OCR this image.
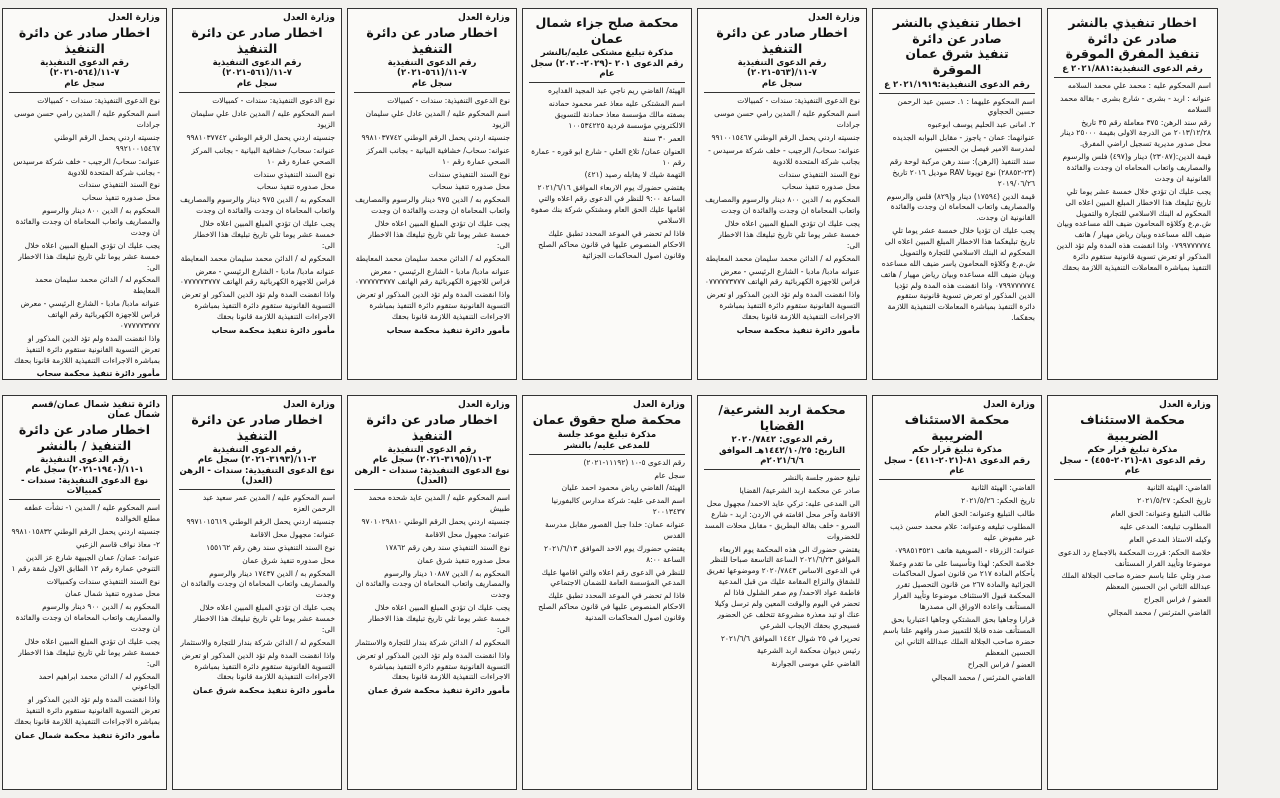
اخطار تنفيذي بالنشر صادر عن دائرة
تنفيذ المفرق الموقرة
رقم الدعوى التنفيذية:٢٠٢١/٨٨١ ع

اسم المحكوم عليه : محمد علي محمد السلامه

عنوانه : اربد - بشرى - شارع بشرى - بقالة محمد السلامه

رقم سند الرهن: ٣٧٥ معاملة رقم ٣٥ تاريخ ٢٠١٣/١٢/٢٨ من الدرجة الاولى بقيمة ٢٥٠٠٠ دينار محل صدور مديرية تسجيل اراضي المفرق.

قيمة الدين:(٢٣٠٨٧) دينار و(٤٩٧) فلس والرسوم والمصاريف واتعاب المحاماه ان وجدت والفائدة القانونية ان وجدت

يجب عليك ان تؤدي خلال خمسة عشر يوما تلي تاريخ تبليغك هذا الاخطار المبلغ المبين اعلاه الى المحكوم له البنك الاسلامي للتجارة والتمويل ش.م.ع وكلاؤه المحامون ضيف الله مساعده وبيان ضيف الله مساعده وبيان رياض مهيار / هاتف ٠٧٩٩٧٧٧٧٧٤ واذا انقضت هذه المدة ولم تؤد الدين المذكور او تعرض تسوية قانونية ستقوم دائرة التنفيذ بمباشرة المعاملات التنفيذية اللازمة بحقك

اخطار تنفيذي بالنشر صادر عن دائرة
تنفيذ شرق عمان الموقرة
رقم الدعوى التنفيذية:٢٠٢١/١٩١٩ ع

اسم المحكوم عليهما : ١. حسين عبد الرحمن حسين الحجاوي

٢. امانى عبد الحليم يوسف ابوعبوه

عنوانهما: عمان - ياجوز - مقابل البوابه الجديده لمدرسة الامير فيصل بن الحسين

سند التنفيذ (الرهن): سند رهن مركبة لوحة رقم (٢٣-٢٨٨٥٢) نوع تويوتا RAV موديل ٢٠١٦ تاريخ ٢٠١٩/٠٦/٢٦

قيمة الدين (١٧٥٩٤) دينار و(٨٢٩) فلس والرسوم والمصاريف واتعاب المحاماة ان وجدت والفائدة القانونية ان وجدت.

يجب عليك ان تؤديا خلال خمسة عشر يوما تلي تاريخ تبليغكما هذا الاخطار المبلغ المبين اعلاه الى المحكوم له البنك الاسلامي للتجارة والتمويل ش.م.ع وكلاؤه المحامون ياسر ضيف الله مساعده وبيان ضيف الله مساعده وبيان رياض مهيار / هاتف ٠٧٩٩٧٧٧٧٧٤ واذا انقضت هذه المدة ولم تؤديا الدين المذكور او تعرض تسوية قانونية ستقوم دائرة التنفيذ بمباشرة المعاملات التنفيذية اللازمة بحقكما.

وزارة العدل
اخطار صادر عن دائرة التنفيذ
رقم الدعوى التنفيذية ٧-١١/(٥٦٣-٢٠٢١)
سجل عام

نوع الدعوى التنفيذية: سندات - كمبيالات

اسم المحكوم عليه / المدين رامي حسن موسى جرادات

جنسيته اردني يحمل الرقم الوطني ٩٩١٠٠١٥٤٦٧

عنوانه: سحاب/ الرجيب - خلف شركة مرسيدس - بجانب شركة المتحدة للادوية

نوع السند التنفيذي سندات

محل صدوره تنفيذ سحاب

المحكوم به / الدين ٨٠٠ دينار والرسوم والمصاريف واتعاب المحاماة ان وجدت والفائدة ان وجدت

يجب عليك ان تؤدي المبلغ المبين اعلاه خلال خمسة عشر يوما تلي تاريخ تبليغك هذا الاخطار الى:

المحكوم له / الدائن محمد سليمان محمد المعايطة

عنوانه مادبا/ مادبا - الشارع الرئيسي - معرض فراس للاجهزة الكهربائية رقم الهاتف ٠٧٧٧٧٧٣٧٧٧

واذا انقضت المدة ولم تؤد الدين المذكور او تعرض التسوية القانونية ستقوم دائرة التنفيذ بمباشرة الاجراءات التنفيذية اللازمة قانونا بحقك

مأمور دائرة تنفيذ محكمة سحاب
محكمة صلح جزاء شمال عمان
مذكرة تبليغ مشتكى عليه/بالنشر
رقم الدعوى ٢٠١ -(٢٠٢٩-٢٠٢٠) سجل عام

الهيئة/ القاضي ريم ناجي عبد المجيد القدايره

اسم المشتكى عليه معاذ عمر محمود حمادنه بصفته مالك مؤسسة معاذ حمادنة للتسويق الالكتروني مؤسسة فردية ١٠٠٥٣٤٢٢٥

العمر ٣٠ سنة

العنوان عمان/ تلاع العلي - شارع ابو قوره - عمارة رقم ١٠

التهمة شيك لا يقابله رصيد (٤٢١)

يقتضي حضورك يوم الاربعاء الموافق ٢٠٢١/٦/١٦ الساعة ٩:٠٠ للنظر في الدعوى رقم اعلاه والتي اقامها عليك الحق العام ومشتكي شركة بنك صفوة الاسلامي

فاذا لم تحضر في الموعد المحدد تطبق عليك الاحكام المنصوص عليها في قانون محاكم الصلح وقانون اصول المحاكمات الجزائية

وزارة العدل
اخطار صادر عن دائرة التنفيذ
رقم الدعوى التنفيذية ٧-١١/(٥٦١-٢٠٢١)
سجل عام

نوع الدعوى التنفيذية: سندات - كمبيالات

اسم المحكوم عليه / المدين عادل علي سليمان الزيود

جنسيته اردني يحمل الرقم الوطني ٩٩٨١٠٣٧٧٤٢

عنوانه: سحاب/ خشافية البيانية - بجانب المركز الصحي عمارة رقم ١٠

نوع السند التنفيذي سندات

محل صدوره تنفيذ سحاب

المحكوم به / الدين ٩٧٥ دينار والرسوم والمصاريف واتعاب المحاماة ان وجدت والفائدة ان وجدت

يجب عليك ان تؤدي المبلغ المبين اعلاه خلال خمسة عشر يوما تلي تاريخ تبليغك هذا الاخطار الى:

المحكوم له / الدائن محمد سليمان محمد المعايطة

عنوانه مادبا/ مادبا - الشارع الرئيسي - معرض فراس للاجهزة الكهربائية رقم الهاتف ٠٧٧٧٧٧٣٧٧٧

واذا انقضت المدة ولم تؤد الدين المذكور او تعرض التسوية القانونية ستقوم دائرة التنفيذ بمباشرة الاجراءات التنفيذية اللازمة قانونا بحقك

مأمور دائرة تنفيذ محكمة سحاب
وزارة العدل
اخطار صادر عن دائرة التنفيذ
رقم الدعوى التنفيذية ٧-١١/(٥٦١-٢٠٢١)
سجل عام

نوع الدعوى التنفيذية: سندات - كمبيالات

اسم المحكوم عليه / المدين عادل علي سليمان الزيود

جنسيته اردني يحمل الرقم الوطني ٩٩٨١٠٣٧٧٤٢

عنوانه: سحاب/ خشافية البيانية - بجانب المركز الصحي عمارة رقم ١٠

نوع السند التنفيذي سندات

محل صدوره تنفيذ سحاب

المحكوم به / الدين ٩٧٥ دينار والرسوم والمصاريف واتعاب المحاماة ان وجدت والفائدة ان وجدت

يجب عليك ان تؤدي المبلغ المبين اعلاه خلال خمسة عشر يوما تلي تاريخ تبليغك هذا الاخطار الى:

المحكوم له / الدائن محمد سليمان محمد المعايطة

عنوانه مادبا/ مادبا - الشارع الرئيسي - معرض فراس للاجهزة الكهربائية رقم الهاتف ٠٧٧٧٧٧٣٧٧٧

واذا انقضت المدة ولم تؤد الدين المذكور او تعرض التسوية القانونية ستقوم دائرة التنفيذ بمباشرة الاجراءات التنفيذية اللازمة قانونا بحقك

مأمور دائرة تنفيذ محكمة سحاب
وزارة العدل
اخطار صادر عن دائرة التنفيذ
رقم الدعوى التنفيذية ٧-١١/(٥٦٤-٢٠٢١)
سجل عام

نوع الدعوى التنفيذية: سندات - كمبيالات

اسم المحكوم عليه / المدين رامي حسن موسى جرادات

جنسيته اردني يحمل الرقم الوطني ٩٩٢١٠٠١٥٤٦٧

عنوانه: سحاب/ الرجيب - خلف شركة مرسيدس - بجانب شركة المتحدة للادوية

نوع السند التنفيذي سندات

محل صدوره تنفيذ سحاب

المحكوم به / الدين ٨٠٠ دينار والرسوم والمصاريف واتعاب المحاماة ان وجدت والفائدة ان وجدت

يجب عليك ان تؤدي المبلغ المبين اعلاه خلال خمسة عشر يوما تلي تاريخ تبليغك هذا الاخطار الى:

المحكوم له / الدائن محمد سليمان محمد المعايطة

عنوانه مادبا/ مادبا - الشارع الرئيسي - معرض فراس للاجهزة الكهربائية رقم الهاتف ٠٧٧٧٧٧٣٧٧٧

واذا انقضت المدة ولم تؤد الدين المذكور او تعرض التسوية القانونية ستقوم دائرة التنفيذ بمباشرة الاجراءات التنفيذية اللازمة قانونا بحقك

مأمور دائرة تنفيذ محكمة سحاب
وزارة العدل
محكمة الاستئناف الضريبية
مذكرة تبليغ قرار حكم
رقم الدعوى ٨١-(٢٠٢١-٤٥٥) - سجل عام

القاضي: الهيئة الثانية

تاريخ الحكم: ٢٠٢١/٥/٢٧

طالب التبليغ وعنوانه: الحق العام

المطلوب تبليغه: المدعى عليه

وكيله الاستاذ المدعي العام

خلاصة الحكم: قررت المحكمة بالاجماع رد الدعوى موضوعا وتأييد القرار المستأنف

صدر وتلي علنا باسم حضرة صاحب الجلالة الملك عبدالله الثاني ابن الحسين المعظم

العضو / فراس الجراح

القاضي المترئس / محمد المجالي

وزارة العدل
محكمة الاستئناف الضريبية
مذكرة تبليغ قرار حكم
رقم الدعوى ٨١-(٢٠٢١-٤١١) - سجل عام

القاضي: الهيئة الثانية

تاريخ الحكم: ٢٠٢١/٥/٢٦

طالب التبليغ وعنوانه: الحق العام

المطلوب تبليغه وعنوانه: علام محمد حسن ذيب غير مقبوض عليه

عنوانه: الزرقاء - الصويفية هاتف ٠٧٩٨٥١٣٥٢١

خلاصة الحكم: لهذا وتأسيسا على ما تقدم وعملا بأحكام المادة ٢١٧ من قانون اصول المحاكمات الجزائية والمادة ٢٦٧ من قانون التحصيل تقرر المحكمة قبول الاستئناف موضوعا وتأييد القرار المستأنف واعادة الاوراق الى مصدرها

قرارا وجاهيا بحق المشتكي وجاهيا اعتباريا بحق المستأنف ضده قابلا للتمييز صدر وافهم علنا باسم حضرة صاحب الجلالة الملك عبدالله الثاني ابن الحسين المعظم

العضو / فراس الجراح

القاضي المترئس / محمد المجالي

محكمة اربد الشرعية/ القضايا
رقم الدعوى: ٢٠٢٠/٧٨٤٢
التاريخ: ١٤٤٢/١٠/٢٥هـ الموافق ٢٠٢١/٦/٦م

تبليغ حضور جلسة بالنشر

صادر عن محكمة اربد الشرعية/ القضايا

الى المدعى عليه: تركي عايد الاحمد/ مجهول محل الاقامة وآخر محل اقامته في الاردن: اربد - شارع السرو - خلف بقالة البطريق - مقابل محلات المسد للخضروات

يقتضي حضورك الى هذه المحكمة يوم الاربعاء الموافق ٢٠٢١/٦/٢٣ الساعة التاسعة صباحا للنظر في الدعوى الاساس ٢٠٢٠/٧٨٤٣ وموضوعها تفريق للشقاق والنزاع المقامة عليك من قبل المدعية فاطمة عواد الاحمد/ وم صفر الشلول فاذا لم تحضر في اليوم والوقت المعين ولم ترسل وكيلا عنك او تبد معذرة مشروعة تتخلف عن الحضور فسيجري بحقك الايجاب الشرعي

تحريرا في ٢٥ شوال ١٤٤٢ الموافق ٢٠٢١/٦/٦

رئيس ديوان محكمة اربد الشرعية

القاضي علي موسى الجوارنة

وزارة العدل
محكمة صلح حقوق عمان
مذكرة تبليغ موعد جلسة
للمدعى عليه/ بالنشر

رقم الدعوى ٥-١٠ (١١١٩٢-٢٠٢١)

سجل عام

الهيئة/ القاضي رياض محمود احمد عليان

اسم المدعى عليه: شركة مدارس كالبفورنيا ٢٠٠١٣٤٣٧

عنوانه عمان: خلدا جبل القصور مقابل مدرسة القدس

يقتضي حضورك يوم الاحد الموافق ٢٠٢١/٦/١٣ الساعة ٨:٠٠

للنظر في الدعوى رقم اعلاه والتي اقامها عليك المدعي المؤسسة العامة للضمان الاجتماعي

فاذا لم تحضر في الموعد المحدد تطبق عليك الاحكام المنصوص عليها في قانون محاكم الصلح وقانون اصول المحاكمات المدنية

وزارة العدل
اخطار صادر عن دائرة التنفيذ
رقم الدعوى التنفيذية ٣-١١/(٣١٩٥-٢٠٢١) سجل عام
نوع الدعوى التنفيذية: سندات - الرهن (العدل)

اسم المحكوم عليه / المدين عايد شحده محمد طبيش

جنسيته اردني يحمل الرقم الوطني ٩٧٠١٠٢٩٨١٠

عنوانه: مجهول محل الاقامة

نوع السند التنفيذي سند رهن رقم ١٧٨٦٢

محل صدوره تنفيذ شرق عمان

المحكوم به / الدين ١٠٨٨٧ دينار والرسوم والمصاريف واتعاب المحاماة ان وجدت والفائدة ان وجدت

يجب عليك ان تؤدي المبلغ المبين اعلاه خلال خمسة عشر يوما تلي تاريخ تبليغك هذا الاخطار الى:

المحكوم له / الدائن شركة بندار للتجارة والاستثمار

واذا انقضت المدة ولم تؤد الدين المذكور او تعرض التسوية القانونية ستقوم دائرة التنفيذ بمباشرة الاجراءات التنفيذية اللازمة قانونا بحقك

مأمور دائرة تنفيذ محكمة شرق عمان
وزارة العدل
اخطار صادر عن دائرة التنفيذ
رقم الدعوى التنفيذية ٣-١١/(٣١٩٣-٢٠٢١) سجل عام
نوع الدعوى التنفيذية: سندات - الرهن (العدل)

اسم المحكوم عليه / المدين عمر سعيد عبد الرحمن العزه

جنسيته اردني يحمل الرقم الوطني ٩٩٧١٠١٥٦١٩

عنوانه: مجهول محل الاقامة

نوع السند التنفيذي سند رهن رقم ١٥٥١٦٢

محل صدوره تنفيذ شرق عمان

المحكوم به / الدين ١٧٤٣٧ دينار والرسوم والمصاريف واتعاب المحاماة ان وجدت والفائدة ان وجدت

يجب عليك ان تؤدي المبلغ المبين اعلاه خلال خمسة عشر يوما تلي تاريخ تبليغك هذا الاخطار الى:

المحكوم له / الدائن شركة بندار للتجارة والاستثمار

واذا انقضت المدة ولم تؤد الدين المذكور او تعرض التسوية القانونية ستقوم دائرة التنفيذ بمباشرة الاجراءات التنفيذية اللازمة قانونا بحقك

مأمور دائرة تنفيذ محكمة شرق عمان
دائرة تنفيذ شمال عمان/قسم شمال عمان
اخطار صادر عن دائرة التنفيذ / بالنشر
رقم الدعوى التنفيذية ١-١١/(١٩٤٠-٢٠٢١) سجل عام
نوع الدعوى التنفيذية: سندات - كمبيالات

اسم المحكوم عليه / المدين ١- نشأت عطفه مطلع الخوالدة

جنسيته اردني يحمل الرقم الوطني ٩٩٨١٠١٥٨٣٢

٢- معاذ نواف قاسم الزعبي

عنوانه: عمان/ عمان الجبيهة شارع عز الدين التنوخي عمارة رقم ١٢ الطابق الاول شقة رقم ١

نوع السند التنفيذي سندات وكمبيالات

محل صدوره تنفيذ شمال عمان

المحكوم به / الدين ٩٠٠ دينار والرسوم والمصاريف واتعاب المحاماة ان وجدت والفائدة ان وجدت

يجب عليك ان تؤدي المبلغ المبين اعلاه خلال خمسة عشر يوما تلي تاريخ تبليغك هذا الاخطار الى:

المحكوم له / الدائن محمد ابراهيم احمد الجاعوني

واذا انقضت المدة ولم تؤد الدين المذكور او تعرض التسوية القانونية ستقوم دائرة التنفيذ بمباشرة الاجراءات التنفيذية اللازمة قانونا بحقك

مأمور دائرة تنفيذ محكمة شمال عمان
